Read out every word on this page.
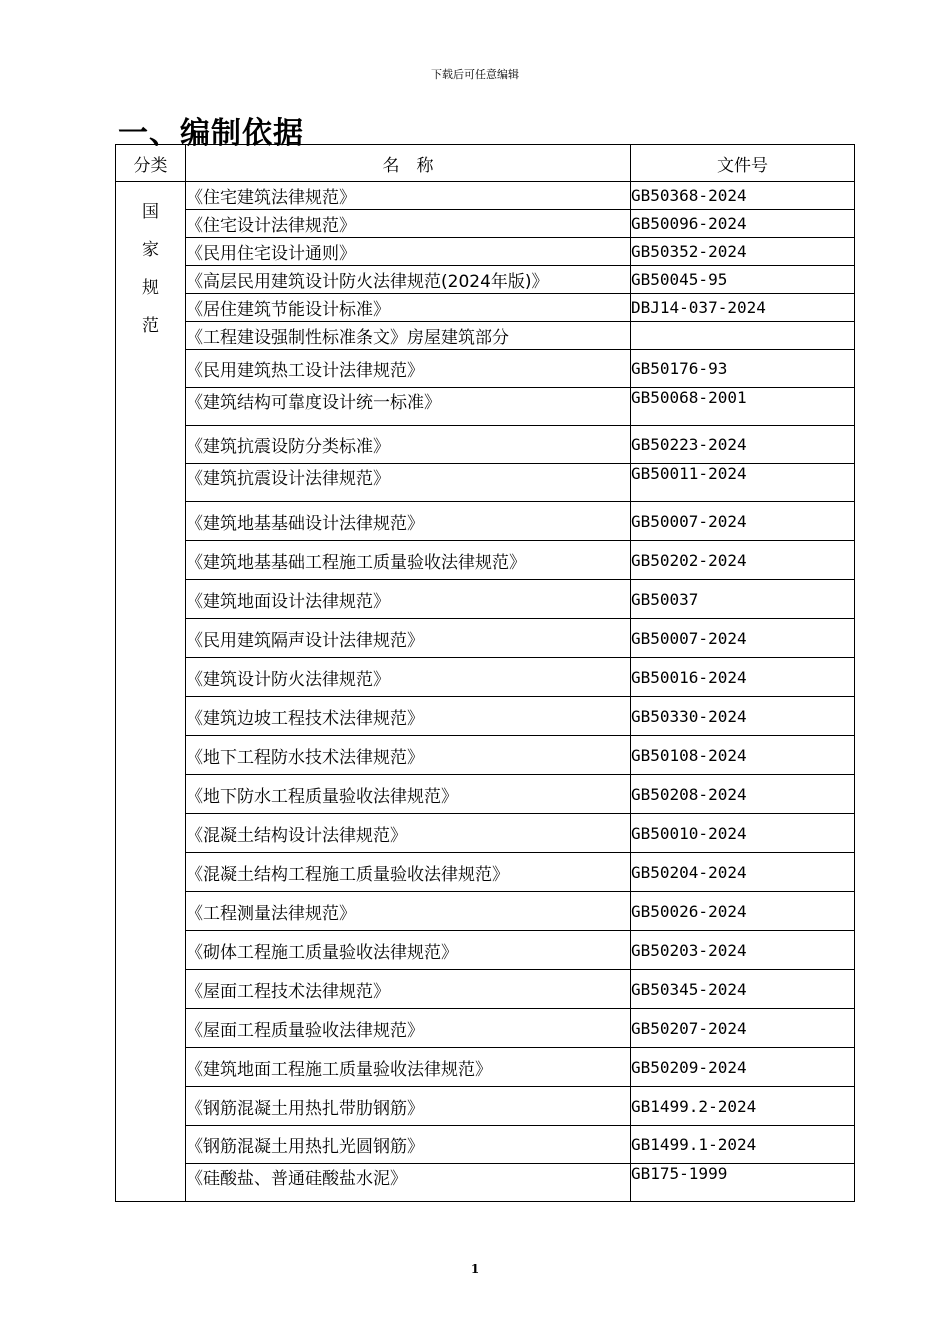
下载后可任意编辑
一、编制依据
分类	名　称	文件号

国家规范	《住宅建筑法律规范》	GB50368-2024
	《住宅设计法律规范》	GB50096-2024
	《民用住宅设计通则》	GB50352-2024
	《高层民用建筑设计防火法律规范(2024年版)》	GB50045-95
	《居住建筑节能设计标准》	DBJ14-037-2024
	《工程建设强制性标准条文》房屋建筑部分	
	《民用建筑热工设计法律规范》	GB50176-93
	《建筑结构可靠度设计统一标准》	GB50068-2001
	《建筑抗震设防分类标准》	GB50223-2024
	《建筑抗震设计法律规范》	GB50011-2024
	《建筑地基基础设计法律规范》	GB50007-2024
	《建筑地基基础工程施工质量验收法律规范》	GB50202-2024
	《建筑地面设计法律规范》	GB50037
	《民用建筑隔声设计法律规范》	GB50007-2024
	《建筑设计防火法律规范》	GB50016-2024
	《建筑边坡工程技术法律规范》	GB50330-2024
	《地下工程防水技术法律规范》	GB50108-2024
	《地下防水工程质量验收法律规范》	GB50208-2024
	《混凝土结构设计法律规范》	GB50010-2024
	《混凝土结构工程施工质量验收法律规范》	GB50204-2024
	《工程测量法律规范》	GB50026-2024
	《砌体工程施工质量验收法律规范》	GB50203-2024
	《屋面工程技术法律规范》	GB50345-2024
	《屋面工程质量验收法律规范》	GB50207-2024
	《建筑地面工程施工质量验收法律规范》	GB50209-2024
	《钢筋混凝土用热扎带肋钢筋》	GB1499.2-2024
	《钢筋混凝土用热扎光圆钢筋》	GB1499.1-2024
	《硅酸盐、普通硅酸盐水泥》	GB175-1999
1
